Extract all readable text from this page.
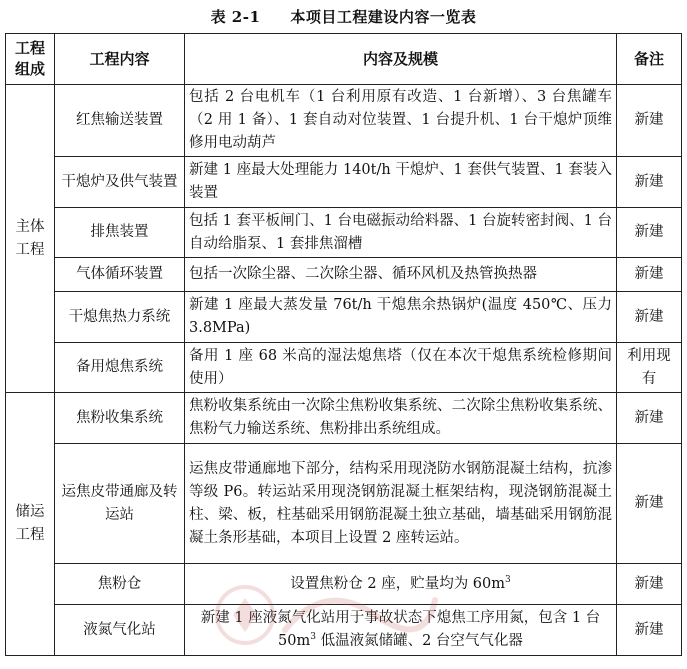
表 2-1 本项目工程建设内容一览表
工程组成	工程内容	内容及规模	备注
主体工程	红焦输送装置	包括 2 台电机车（1 台利用原有改造、1 台新增）、3 台焦罐车（2 用 1 备）、1 套自动对位装置、1 台提升机、1 台干熄炉顶维修用电动葫芦	新建
	干熄炉及供气装置	新建 1 座最大处理能力 140t/h 干熄炉、1 套供气装置、1 套装入装置	新建
	排焦装置	包括 1 套平板闸门、1 台电磁振动给料器、1 台旋转密封阀、1 台自动给脂泵、1 套排焦溜槽	新建
	气体循环装置	包括一次除尘器、二次除尘器、循环风机及热管换热器	新建
	干熄焦热力系统	新建 1 座最大蒸发量 76t/h 干熄焦余热锅炉(温度 450℃、压力 3.8MPa)	新建
	备用熄焦系统	备用 1 座 68 米高的湿法熄焦塔（仅在本次干熄焦系统检修期间使用）	利用现有
储运工程	焦粉收集系统	焦粉收集系统由一次除尘焦粉收集系统、二次除尘焦粉收集系统、焦粉气力输送系统、焦粉排出系统组成。	新建
	运焦皮带通廊及转运站	运焦皮带通廊地下部分，结构采用现浇防水钢筋混凝土结构，抗渗等级 P6。转运站采用现浇钢筋混凝土框架结构，现浇钢筋混凝土柱、梁、板，柱基础采用钢筋混凝土独立基础，墙基础采用钢筋混凝土条形基础，本项目上设置 2 座转运站。	新建
	焦粉仓	设置焦粉仓 2 座，贮量均为 $60m^3$	新建
	液氮气化站	新建 1 座液氮气化站用于事故状态下熄焦工序用氮，包含 1 台 $50m^3$ 低温液氮储罐、2 台空气气化器	新建
